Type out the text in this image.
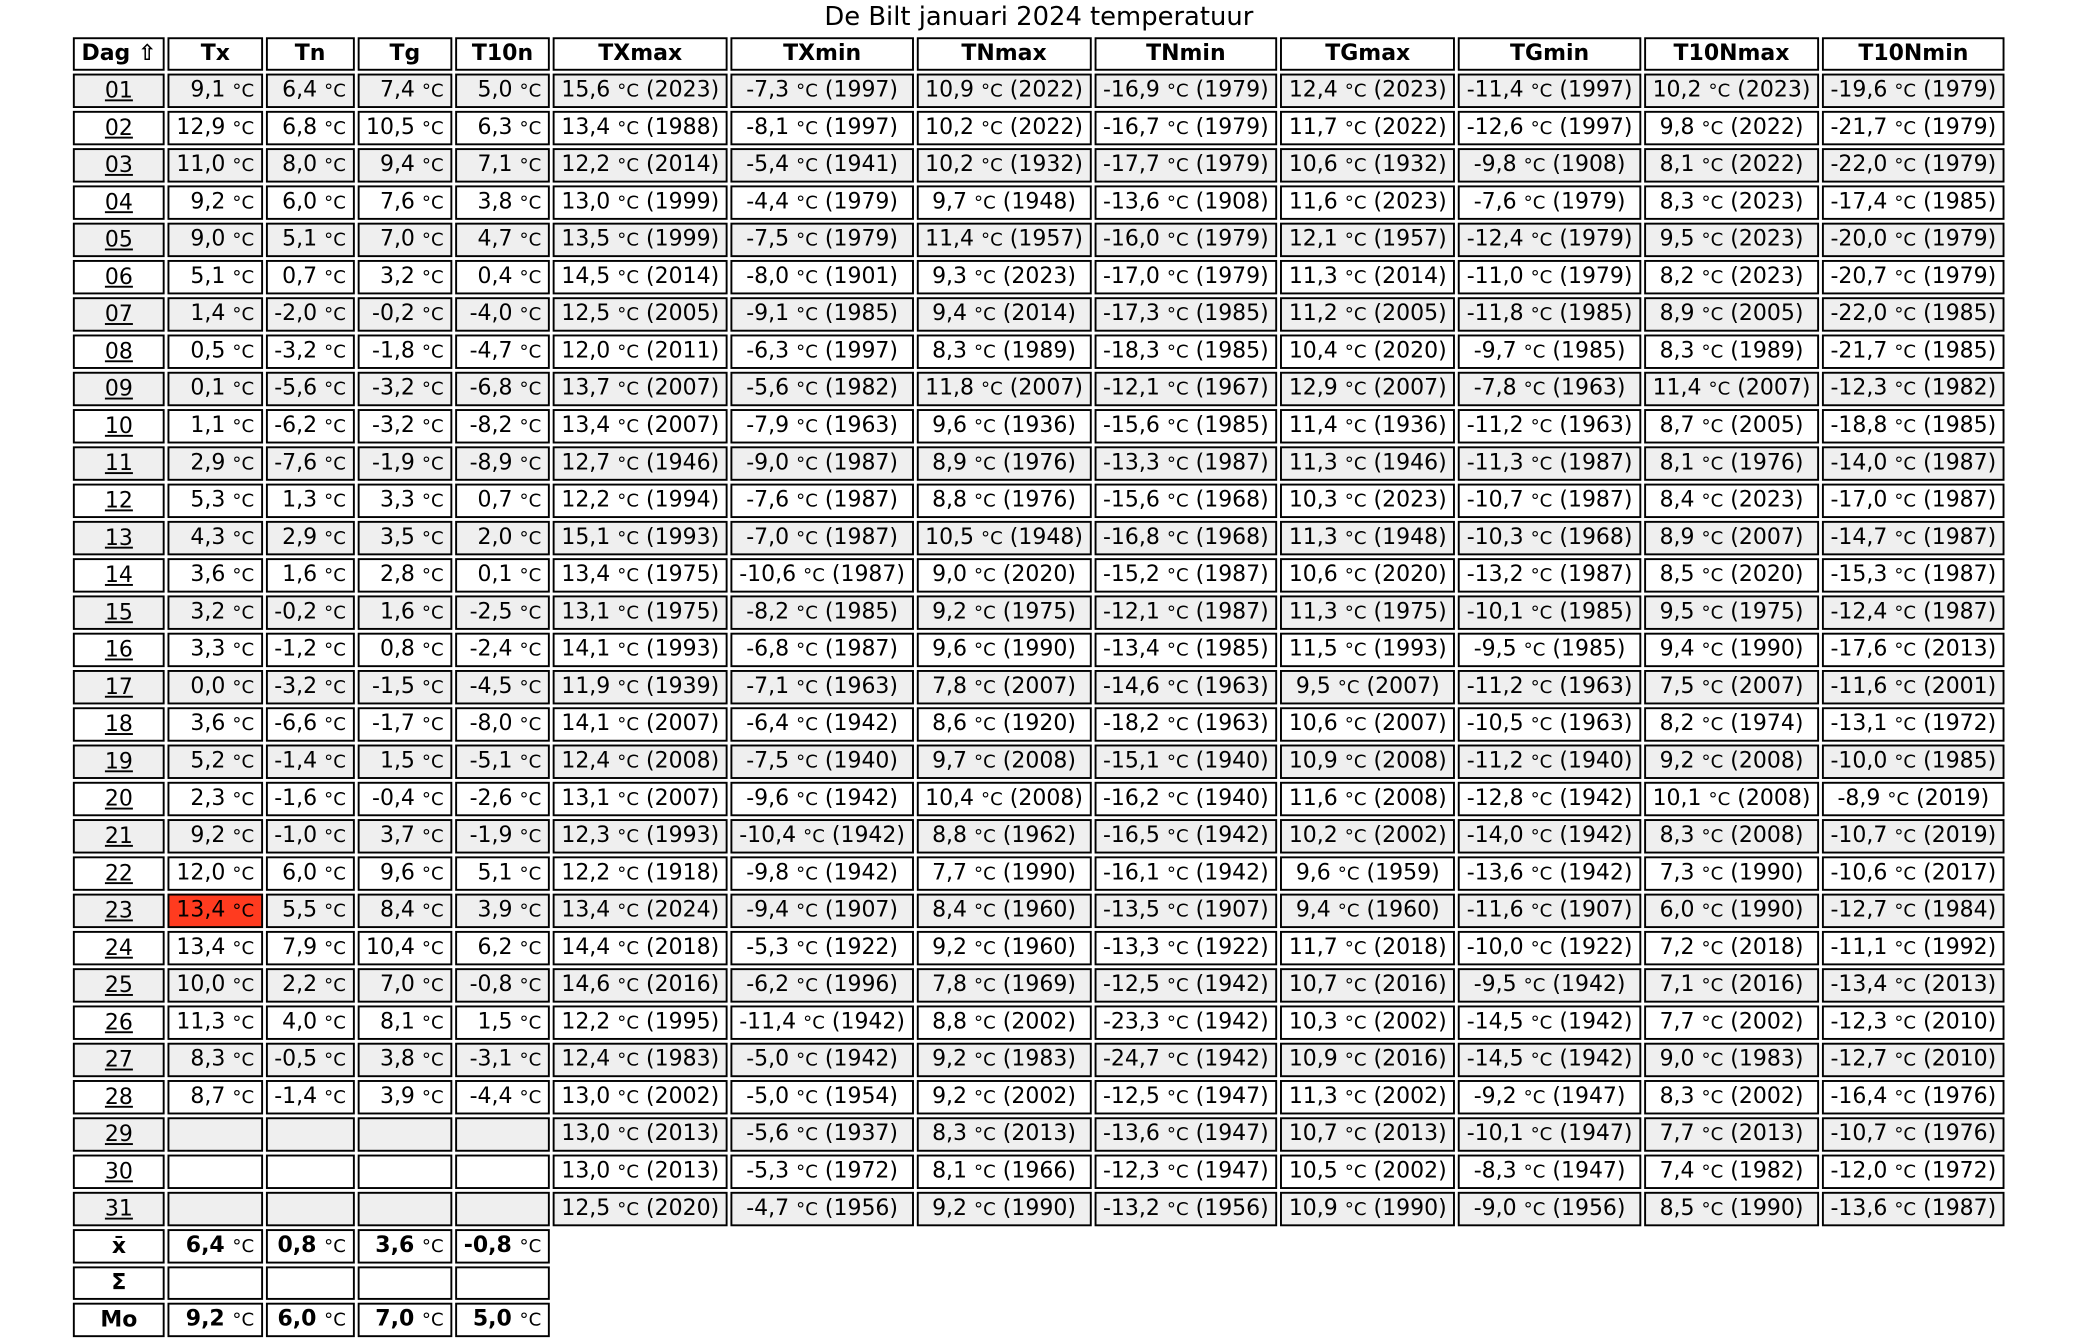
De Bilt januari 2024 temperatuur
Dag ⇧	Tx	Tn	Tg	T10n	TXmax	TXmin	TNmax	TNmin	TGmax	TGmin	T10Nmax	T10Nmin
01	9,1 °C	6,4 °C	7,4 °C	5,0 °C	15,6 °C (2023)	-7,3 °C (1997)	10,9 °C (2022)	-16,9 °C (1979)	12,4 °C (2023)	-11,4 °C (1997)	10,2 °C (2023)	-19,6 °C (1979)
02	12,9 °C	6,8 °C	10,5 °C	6,3 °C	13,4 °C (1988)	-8,1 °C (1997)	10,2 °C (2022)	-16,7 °C (1979)	11,7 °C (2022)	-12,6 °C (1997)	9,8 °C (2022)	-21,7 °C (1979)
03	11,0 °C	8,0 °C	9,4 °C	7,1 °C	12,2 °C (2014)	-5,4 °C (1941)	10,2 °C (1932)	-17,7 °C (1979)	10,6 °C (1932)	-9,8 °C (1908)	8,1 °C (2022)	-22,0 °C (1979)
04	9,2 °C	6,0 °C	7,6 °C	3,8 °C	13,0 °C (1999)	-4,4 °C (1979)	9,7 °C (1948)	-13,6 °C (1908)	11,6 °C (2023)	-7,6 °C (1979)	8,3 °C (2023)	-17,4 °C (1985)
05	9,0 °C	5,1 °C	7,0 °C	4,7 °C	13,5 °C (1999)	-7,5 °C (1979)	11,4 °C (1957)	-16,0 °C (1979)	12,1 °C (1957)	-12,4 °C (1979)	9,5 °C (2023)	-20,0 °C (1979)
06	5,1 °C	0,7 °C	3,2 °C	0,4 °C	14,5 °C (2014)	-8,0 °C (1901)	9,3 °C (2023)	-17,0 °C (1979)	11,3 °C (2014)	-11,0 °C (1979)	8,2 °C (2023)	-20,7 °C (1979)
07	1,4 °C	-2,0 °C	-0,2 °C	-4,0 °C	12,5 °C (2005)	-9,1 °C (1985)	9,4 °C (2014)	-17,3 °C (1985)	11,2 °C (2005)	-11,8 °C (1985)	8,9 °C (2005)	-22,0 °C (1985)
08	0,5 °C	-3,2 °C	-1,8 °C	-4,7 °C	12,0 °C (2011)	-6,3 °C (1997)	8,3 °C (1989)	-18,3 °C (1985)	10,4 °C (2020)	-9,7 °C (1985)	8,3 °C (1989)	-21,7 °C (1985)
09	0,1 °C	-5,6 °C	-3,2 °C	-6,8 °C	13,7 °C (2007)	-5,6 °C (1982)	11,8 °C (2007)	-12,1 °C (1967)	12,9 °C (2007)	-7,8 °C (1963)	11,4 °C (2007)	-12,3 °C (1982)
10	1,1 °C	-6,2 °C	-3,2 °C	-8,2 °C	13,4 °C (2007)	-7,9 °C (1963)	9,6 °C (1936)	-15,6 °C (1985)	11,4 °C (1936)	-11,2 °C (1963)	8,7 °C (2005)	-18,8 °C (1985)
11	2,9 °C	-7,6 °C	-1,9 °C	-8,9 °C	12,7 °C (1946)	-9,0 °C (1987)	8,9 °C (1976)	-13,3 °C (1987)	11,3 °C (1946)	-11,3 °C (1987)	8,1 °C (1976)	-14,0 °C (1987)
12	5,3 °C	1,3 °C	3,3 °C	0,7 °C	12,2 °C (1994)	-7,6 °C (1987)	8,8 °C (1976)	-15,6 °C (1968)	10,3 °C (2023)	-10,7 °C (1987)	8,4 °C (2023)	-17,0 °C (1987)
13	4,3 °C	2,9 °C	3,5 °C	2,0 °C	15,1 °C (1993)	-7,0 °C (1987)	10,5 °C (1948)	-16,8 °C (1968)	11,3 °C (1948)	-10,3 °C (1968)	8,9 °C (2007)	-14,7 °C (1987)
14	3,6 °C	1,6 °C	2,8 °C	0,1 °C	13,4 °C (1975)	-10,6 °C (1987)	9,0 °C (2020)	-15,2 °C (1987)	10,6 °C (2020)	-13,2 °C (1987)	8,5 °C (2020)	-15,3 °C (1987)
15	3,2 °C	-0,2 °C	1,6 °C	-2,5 °C	13,1 °C (1975)	-8,2 °C (1985)	9,2 °C (1975)	-12,1 °C (1987)	11,3 °C (1975)	-10,1 °C (1985)	9,5 °C (1975)	-12,4 °C (1987)
16	3,3 °C	-1,2 °C	0,8 °C	-2,4 °C	14,1 °C (1993)	-6,8 °C (1987)	9,6 °C (1990)	-13,4 °C (1985)	11,5 °C (1993)	-9,5 °C (1985)	9,4 °C (1990)	-17,6 °C (2013)
17	0,0 °C	-3,2 °C	-1,5 °C	-4,5 °C	11,9 °C (1939)	-7,1 °C (1963)	7,8 °C (2007)	-14,6 °C (1963)	9,5 °C (2007)	-11,2 °C (1963)	7,5 °C (2007)	-11,6 °C (2001)
18	3,6 °C	-6,6 °C	-1,7 °C	-8,0 °C	14,1 °C (2007)	-6,4 °C (1942)	8,6 °C (1920)	-18,2 °C (1963)	10,6 °C (2007)	-10,5 °C (1963)	8,2 °C (1974)	-13,1 °C (1972)
19	5,2 °C	-1,4 °C	1,5 °C	-5,1 °C	12,4 °C (2008)	-7,5 °C (1940)	9,7 °C (2008)	-15,1 °C (1940)	10,9 °C (2008)	-11,2 °C (1940)	9,2 °C (2008)	-10,0 °C (1985)
20	2,3 °C	-1,6 °C	-0,4 °C	-2,6 °C	13,1 °C (2007)	-9,6 °C (1942)	10,4 °C (2008)	-16,2 °C (1940)	11,6 °C (2008)	-12,8 °C (1942)	10,1 °C (2008)	-8,9 °C (2019)
21	9,2 °C	-1,0 °C	3,7 °C	-1,9 °C	12,3 °C (1993)	-10,4 °C (1942)	8,8 °C (1962)	-16,5 °C (1942)	10,2 °C (2002)	-14,0 °C (1942)	8,3 °C (2008)	-10,7 °C (2019)
22	12,0 °C	6,0 °C	9,6 °C	5,1 °C	12,2 °C (1918)	-9,8 °C (1942)	7,7 °C (1990)	-16,1 °C (1942)	9,6 °C (1959)	-13,6 °C (1942)	7,3 °C (1990)	-10,6 °C (2017)
23	13,4 °C	5,5 °C	8,4 °C	3,9 °C	13,4 °C (2024)	-9,4 °C (1907)	8,4 °C (1960)	-13,5 °C (1907)	9,4 °C (1960)	-11,6 °C (1907)	6,0 °C (1990)	-12,7 °C (1984)
24	13,4 °C	7,9 °C	10,4 °C	6,2 °C	14,4 °C (2018)	-5,3 °C (1922)	9,2 °C (1960)	-13,3 °C (1922)	11,7 °C (2018)	-10,0 °C (1922)	7,2 °C (2018)	-11,1 °C (1992)
25	10,0 °C	2,2 °C	7,0 °C	-0,8 °C	14,6 °C (2016)	-6,2 °C (1996)	7,8 °C (1969)	-12,5 °C (1942)	10,7 °C (2016)	-9,5 °C (1942)	7,1 °C (2016)	-13,4 °C (2013)
26	11,3 °C	4,0 °C	8,1 °C	1,5 °C	12,2 °C (1995)	-11,4 °C (1942)	8,8 °C (2002)	-23,3 °C (1942)	10,3 °C (2002)	-14,5 °C (1942)	7,7 °C (2002)	-12,3 °C (2010)
27	8,3 °C	-0,5 °C	3,8 °C	-3,1 °C	12,4 °C (1983)	-5,0 °C (1942)	9,2 °C (1983)	-24,7 °C (1942)	10,9 °C (2016)	-14,5 °C (1942)	9,0 °C (1983)	-12,7 °C (2010)
28	8,7 °C	-1,4 °C	3,9 °C	-4,4 °C	13,0 °C (2002)	-5,0 °C (1954)	9,2 °C (2002)	-12,5 °C (1947)	11,3 °C (2002)	-9,2 °C (1947)	8,3 °C (2002)	-16,4 °C (1976)
29					13,0 °C (2013)	-5,6 °C (1937)	8,3 °C (2013)	-13,6 °C (1947)	10,7 °C (2013)	-10,1 °C (1947)	7,7 °C (2013)	-10,7 °C (1976)
30					13,0 °C (2013)	-5,3 °C (1972)	8,1 °C (1966)	-12,3 °C (1947)	10,5 °C (2002)	-8,3 °C (1947)	7,4 °C (1982)	-12,0 °C (1972)
31					12,5 °C (2020)	-4,7 °C (1956)	9,2 °C (1990)	-13,2 °C (1956)	10,9 °C (1990)	-9,0 °C (1956)	8,5 °C (1990)	-13,6 °C (1987)
x̄	6,4 °C	0,8 °C	3,6 °C	-0,8 °C								
Σ												
Mo	9,2 °C	6,0 °C	7,0 °C	5,0 °C								
